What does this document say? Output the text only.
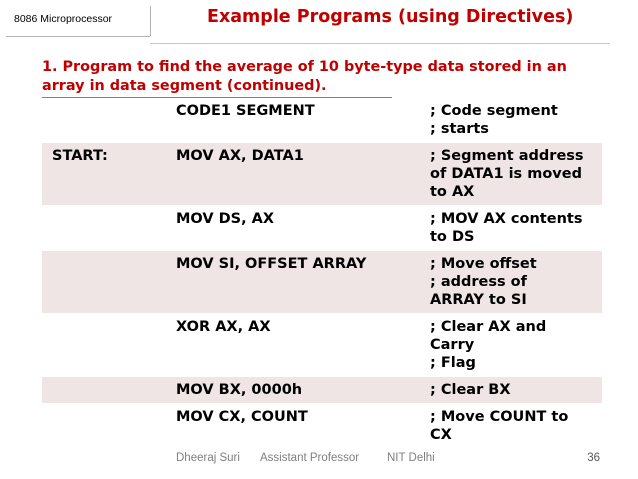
8086 Microprocessor	Example Programs (using Directives)
1. Program to find the average of 10 byte-type data stored in an array in data segment (continued).
	CODE1 SEGMENT	; Code segment
; starts

START:	MOV AX, DATA1	; Segment address
of DATA1 is moved
to AX

	MOV DS, AX	; MOV AX contents
to DS

	MOV SI, OFFSET ARRAY	; Move offset
; address of
ARRAY to SI

	XOR AX, AX	; Clear AX and
Carry
; Flag

	MOV BX, 0000h	; Clear BX

	MOV CX, COUNT	; Move COUNT to
CX
Dheeraj Suri Assistant Professor NIT Delhi	36
